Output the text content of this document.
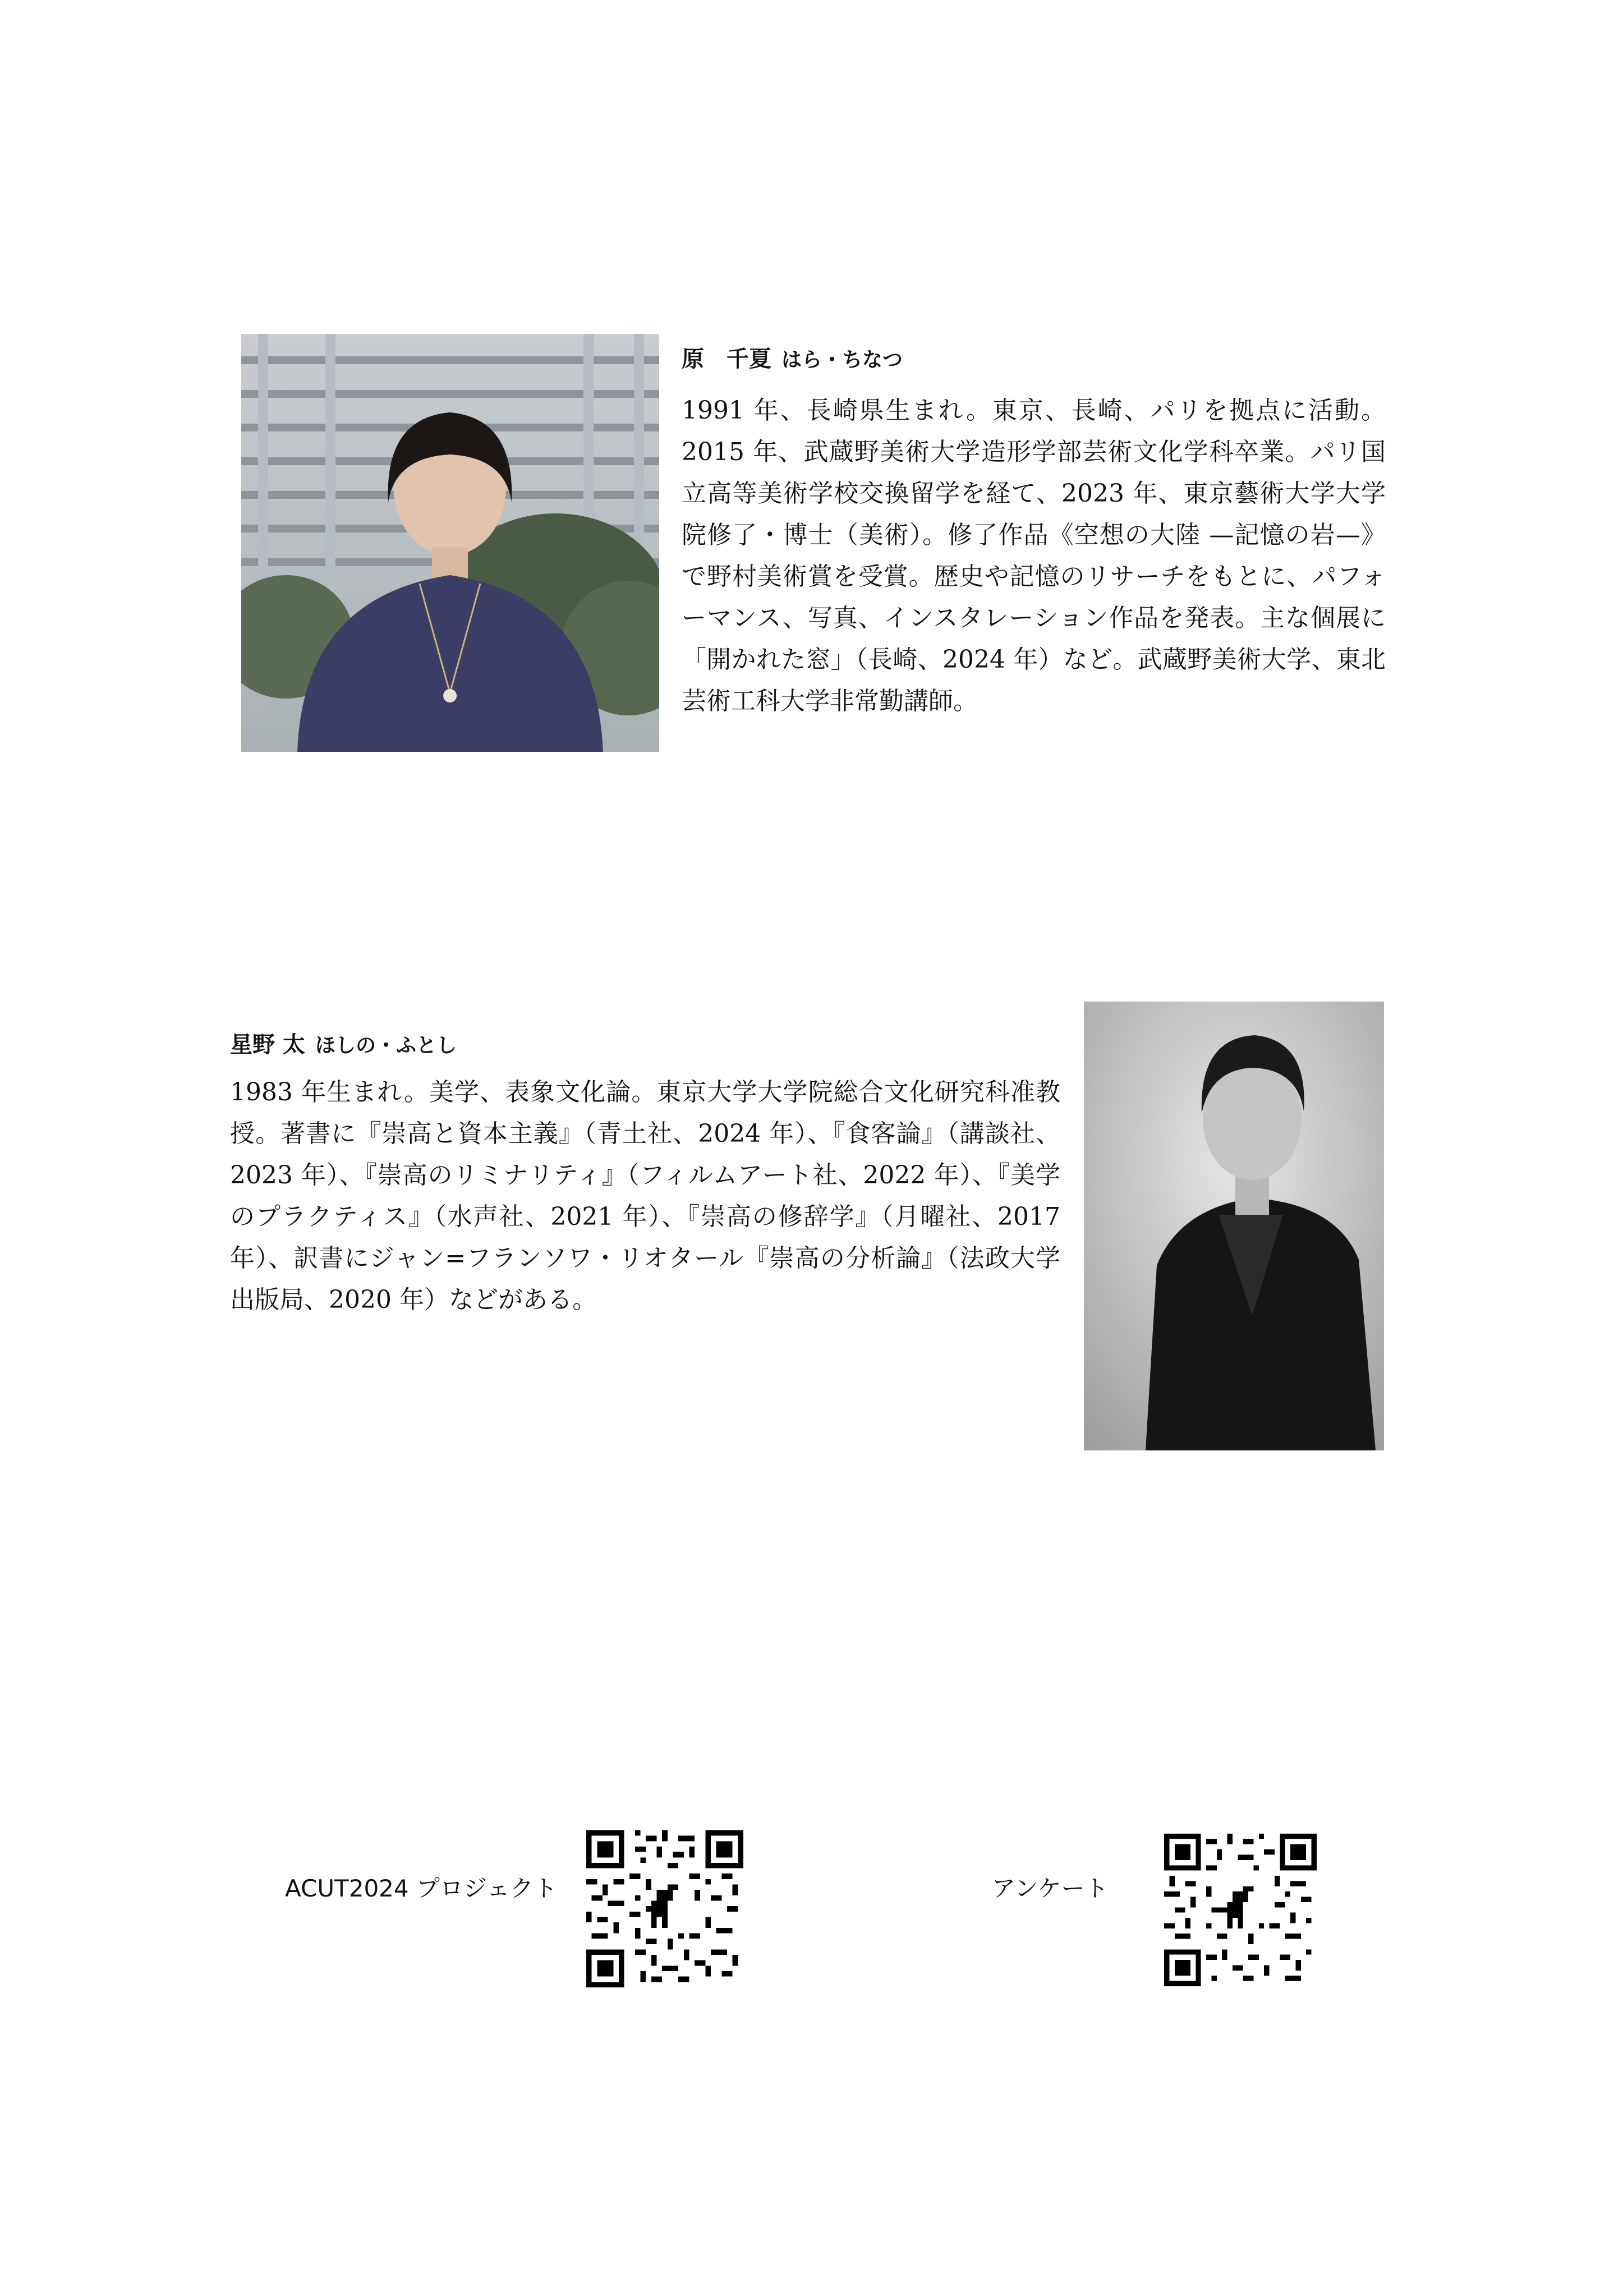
原　千夏 はら・ちなつ

1991 年、長崎県生まれ。東京、長崎、パリを拠点に活動。2015 年、武蔵野美術大学造形学部芸術文化学科卒業。パリ国立高等美術学校交換留学を経て、2023 年、東京藝術大学大学院修了・博士（美術）。修了作品《空想の大陸 —記憶の岩—》で野村美術賞を受賞。歴史や記憶のリサーチをもとに、パフォーマンス、写真、インスタレーション作品を発表。主な個展に「開かれた窓」（長崎、2024 年）など。武蔵野美術大学、東北芸術工科大学非常勤講師。

星野 太 ほしの・ふとし

1983 年生まれ。美学、表象文化論。東京大学大学院総合文化研究科准教授。著書に『崇高と資本主義』（青土社、2024 年）、『食客論』（講談社、2023 年）、『崇高のリミナリティ』（フィルムアート社、2022 年）、『美学のプラクティス』（水声社、2021 年）、『崇高の修辞学』（月曜社、2017 年）、訳書にジャン=フランソワ・リオタール『崇高の分析論』（法政大学出版局、2020 年）などがある。

ACUT2024 プロジェクト	アンケート
